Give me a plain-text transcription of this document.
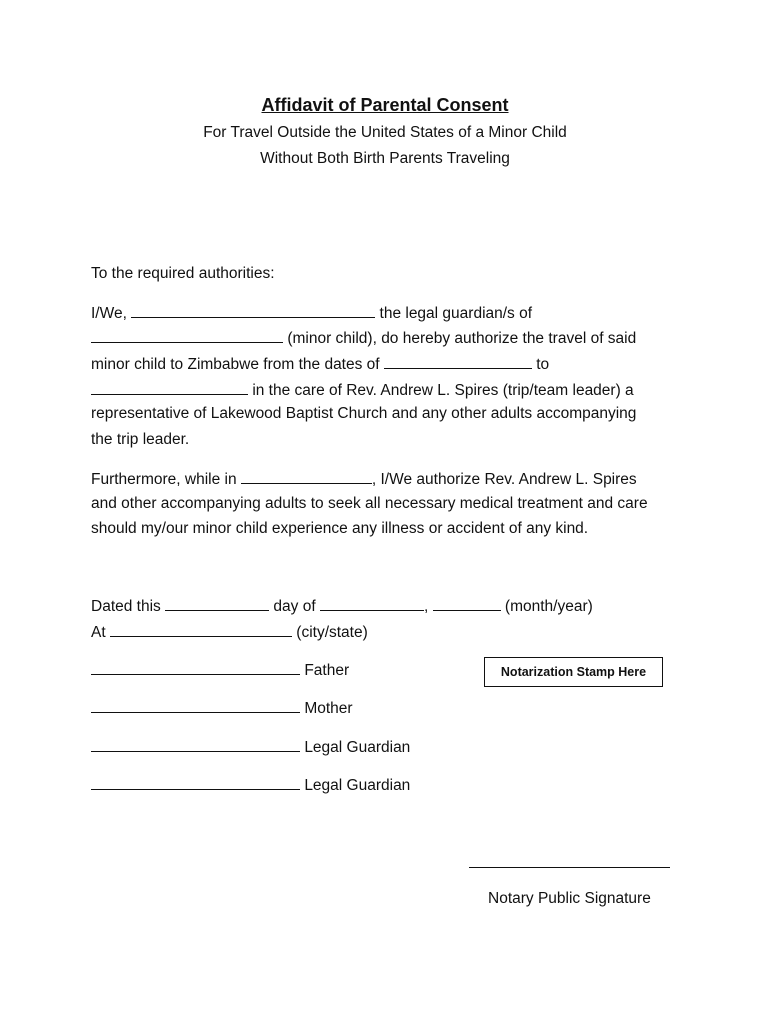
Affidavit of Parental Consent
For Travel Outside the United States of a Minor Child
Without Both Birth Parents Traveling
To the required authorities:
I/We,	the legal guardian/s of
(minor child), do hereby authorize the travel of said
minor child to Zimbabwe from the dates of	to
in the care of Rev. Andrew L. Spires (trip/team leader) a
representative of Lakewood Baptist Church and any other adults accompanying
the trip leader.
Furthermore, while in	, I/We authorize Rev. Andrew L. Spires
and other accompanying adults to seek all necessary medical treatment and care
should my/our minor child experience any illness or accident of any kind.
Dated this	day of	,	(month/year)
At	(city/state)
Father
Mother
Legal Guardian
Legal Guardian
Notarization Stamp Here
Notary Public Signature
